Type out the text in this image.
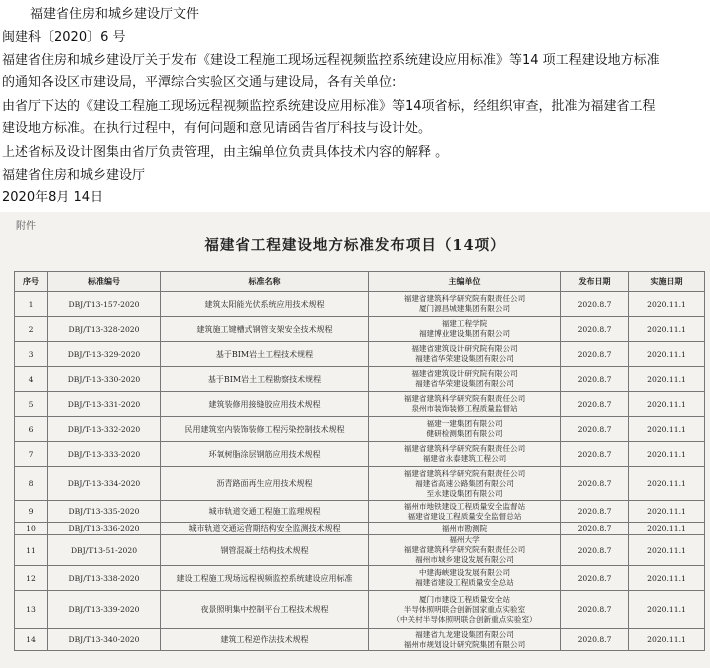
福建省住房和城乡建设厅文件
闽建科〔2020〕6 号
福建省住房和城乡建设厅关于发布《建设工程施工现场远程视频监控系统建设应用标准》等14 项工程建设地方标准
的通知各设区市建设局，平潭综合实验区交通与建设局，各有关单位:
由省厅下达的《建设工程施工现场远程视频监控系统建设应用标准》等14项省标，经组织审查，批准为福建省工程
建设地方标准。在执行过程中，有何问题和意见请函告省厅科技与设计处。
上述省标及设计图集由省厅负责管理，由主编单位负责具体技术内容的解释 。
福建省住房和城乡建设厅
2020年8月 14日
附件
福建省工程建设地方标准发布项目（14项）
序号	标准编号	标准名称	主编单位	发布日期	实施日期
1	DBJ/T13-157-2020	建筑太阳能光伏系统应用技术规程	福建省建筑科学研究院有限责任公司
厦门源昌城建集团有限公司	2020.8.7	2020.11.1
2	DBJ/T13-328-2020	建筑施工键槽式钢管支架安全技术规程	福建工程学院
福建博业建设集团有限公司	2020.8.7	2020.11.1
3	DBJ/T-13-329-2020	基于BIM岩土工程技术规程	福建省建筑设计研究院有限公司
福建省华荣建设集团有限公司	2020.8.7	2020.11.1
4	DBJ/T-13-330-2020	基于BIM岩土工程勘察技术规程	福建省建筑设计研究院有限公司
福建省华荣建设集团有限公司	2020.8.7	2020.11.1
5	DBJ/T-13-331-2020	建筑装修用接缝胶应用技术规程	福建省建筑科学研究院有限责任公司
泉州市装饰装修工程质量监督站	2020.8.7	2020.11.1
6	DBJ/T-13-332-2020	民用建筑室内装饰装修工程污染控制技术规程	福建一建集团有限公司
健研检测集团有限公司	2020.8.7	2020.11.1
7	DBJ/T-13-333-2020	环氧树脂涂层钢筋应用技术规程	福建省建筑科学研究院有限责任公司
福建省永泰建筑工程公司	2020.8.7	2020.11.1
8	DBJ/T-13-334-2020	沥青路面再生应用技术规程	福建省建筑科学研究院有限责任公司
福建省高速公路集团有限公司
至永建设集团有限公司	2020.8.7	2020.11.1
9	DBJ/T13-335-2020	城市轨道交通工程施工监理规程	福州市地铁建设工程质量安全监督站
福建省建设工程质量安全监督总站	2020.8.7	2020.11.1
10	DBJ/T13-336-2020	城市轨道交通运营期结构安全监测技术规程	福州市勘测院	2020.8.7	2020.11.1
11	DBJ/T13-51-2020	钢管混凝土结构技术规程	福州大学
福建省建筑科学研究院有限责任公司
福州市城乡建设发展有限公司	2020.8.7	2020.11.1
12	DBJ/T13-338-2020	建设工程施工现场远程视频监控系统建设应用标准	中建海峡建设发展有限公司
福建省建设工程质量安全总站	2020.8.7	2020.11.1
13	DBJ/T13-339-2020	夜景照明集中控制平台工程技术规程	厦门市建设工程质量安全站
半导体照明联合创新国家重点实验室
（中关村半导体照明联合创新重点实验室）	2020.8.7	2020.11.1
14	DBJ/T13-340-2020	建筑工程逆作法技术规程	福建省九龙建设集团有限公司
福州市规划设计研究院集团有限公司	2020.8.7	2020.11.1
